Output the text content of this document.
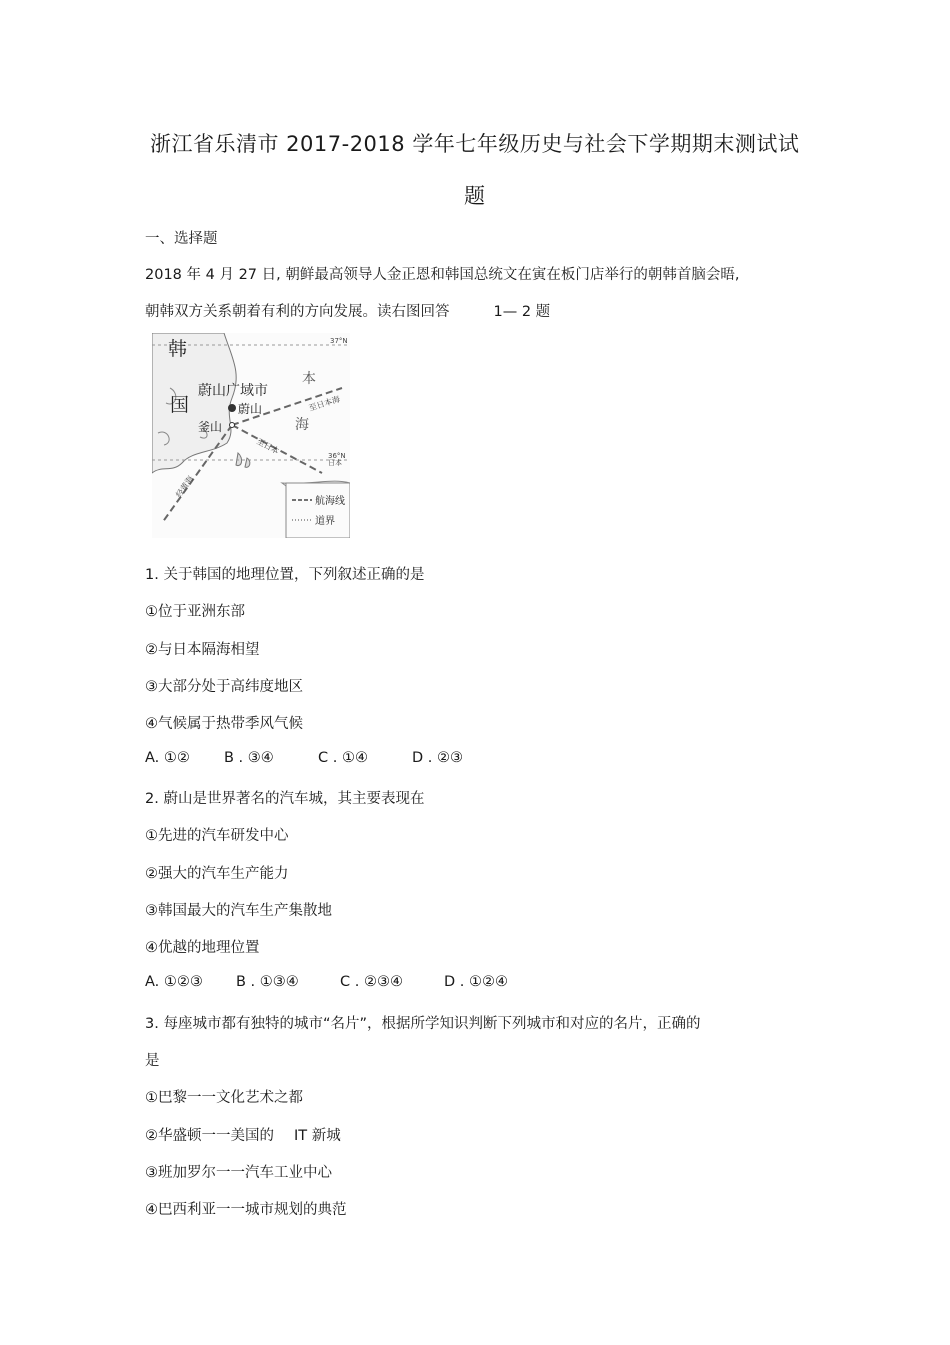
浙江省乐清市 2017-2018 学年七年级历史与社会下学期期末测试试
题
一、选择题
2018 年 4 月 27 日, 朝鲜最高领导人金正恩和韩国总统文在寅在板门店举行的朝韩首脑会晤,
朝韩双方关系朝着有利的方向发展。读右图回答	1— 2 题
韩
国
本
海
蔚山广域市
蔚山
釜山
37°N
36°N
至日本海
至日本
经黄海
日本
航海线
道界
1. 关于韩国的地理位置，下列叙述正确的是
①位于亚洲东部
②与日本隔海相望
③大部分处于高纬度地区
④气候属于热带季风气候
A. ①② B . ③④	C . ①④	D . ②③
2. 蔚山是世界著名的汽车城，其主要表现在
①先进的汽车研发中心
②强大的汽车生产能力
③韩国最大的汽车生产集散地
④优越的地理位置
A. ①②③ B . ①③④	C . ②③④	D . ①②④
3. 每座城市都有独特的城市“名片”，根据所学知识判断下列城市和对应的名片，正确的
是
①巴黎一一文化艺术之都
②华盛顿一一美国的 IT 新城
③班加罗尔一一汽车工业中心
④巴西利亚一一城市规划的典范
